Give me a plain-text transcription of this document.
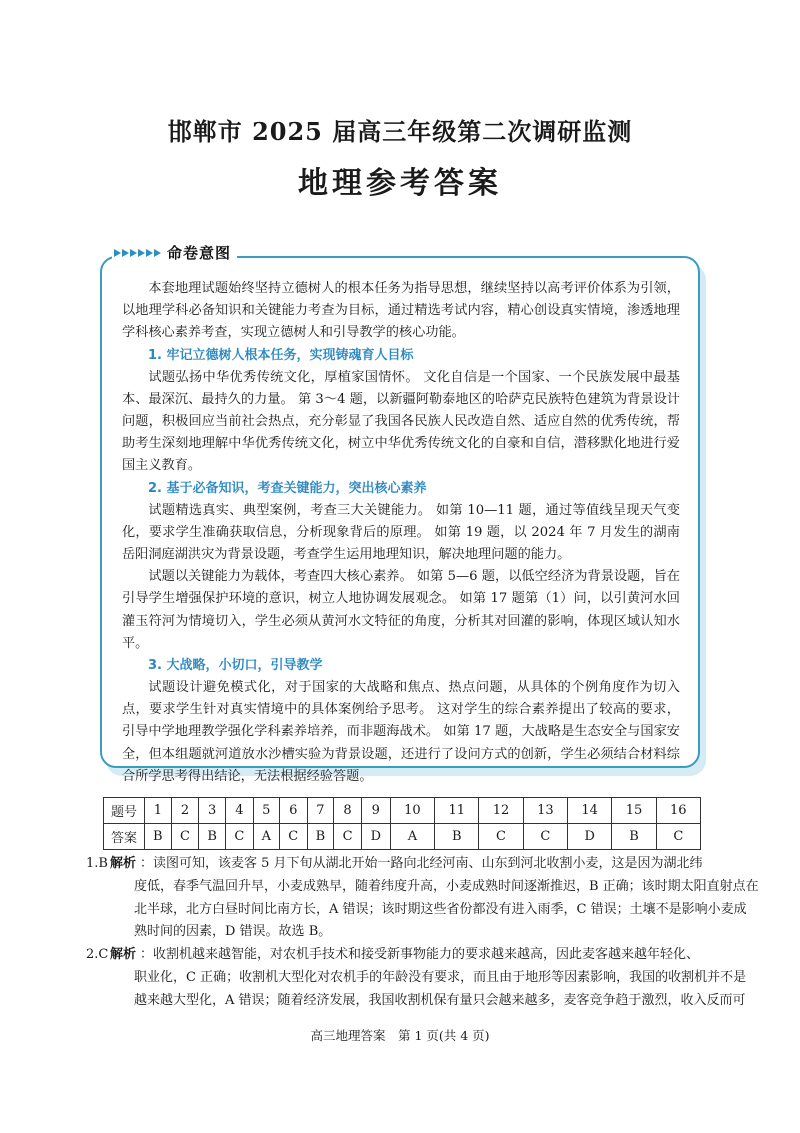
邯郸市 2025 届高三年级第二次调研监测
地理参考答案
命卷意图

本套地理试题始终坚持立德树人的根本任务为指导思想，继续坚持以高考评价体系为引领，以地理学科必备知识和关键能力考查为目标，通过精选考试内容，精心创设真实情境，渗透地理学科核心素养考查，实现立德树人和引导教学的核心功能。

1. 牢记立德树人根本任务，实现铸魂育人目标

试题弘扬中华优秀传统文化，厚植家国情怀。 文化自信是一个国家、一个民族发展中最基本、最深沉、最持久的力量。 第 3～4 题，以新疆阿勒泰地区的哈萨克民族特色建筑为背景设计问题，积极回应当前社会热点，充分彰显了我国各民族人民改造自然、适应自然的优秀传统，帮助考生深刻地理解中华优秀传统文化，树立中华优秀传统文化的自豪和自信，潜移默化地进行爱国主义教育。

2. 基于必备知识，考查关键能力，突出核心素养

试题精选真实、典型案例，考查三大关键能力。 如第 10—11 题，通过等值线呈现天气变化，要求学生准确获取信息，分析现象背后的原理。 如第 19 题，以 2024 年 7 月发生的湖南岳阳洞庭湖洪灾为背景设题，考查学生运用地理知识，解决地理问题的能力。

试题以关键能力为载体，考查四大核心素养。 如第 5—6 题，以低空经济为背景设题，旨在引导学生增强保护环境的意识，树立人地协调发展观念。 如第 17 题第（1）问，以引黄河水回灌玉符河为情境切入，学生必须从黄河水文特征的角度，分析其对回灌的影响，体现区域认知水平。

3. 大战略，小切口，引导教学

试题设计避免模式化，对于国家的大战略和焦点、热点问题，从具体的个例角度作为切入点，要求学生针对真实情境中的具体案例给予思考。 这对学生的综合素养提出了较高的要求，引导中学地理教学强化学科素养培养，而非题海战术。 如第 17 题，大战略是生态安全与国家安全，但本组题就河道放水沙槽实验为背景设题，还进行了设问方式的创新，学生必须结合材料综合所学思考得出结论，无法根据经验答题。

题号	1	2	3	4	5	6	7	8	9	10	11	12	13	14	15	16
答案	B	C	B	C	A	C	B	C	D	A	B	C	C	D	B	C
1.B 解析 ：读图可知，该麦客 5 月下旬从湖北开始一路向北经河南、山东到河北收割小麦，这是因为湖北纬
度低，春季气温回升早，小麦成熟早，随着纬度升高，小麦成熟时间逐渐推迟，B 正确；该时期太阳直射点在
北半球，北方白昼时间比南方长，A 错误；该时期这些省份都没有进入雨季，C 错误；土壤不是影响小麦成
熟时间的因素，D 错误。故选 B。
2.C 解析 ：收割机越来越智能，对农机手技术和接受新事物能力的要求越来越高，因此麦客越来越年轻化、
职业化，C 正确；收割机大型化对农机手的年龄没有要求，而且由于地形等因素影响，我国的收割机并不是
越来越大型化，A 错误；随着经济发展，我国收割机保有量只会越来越多，麦客竞争趋于激烈，收入反而可
高三地理答案　第 1 页(共 4 页)
